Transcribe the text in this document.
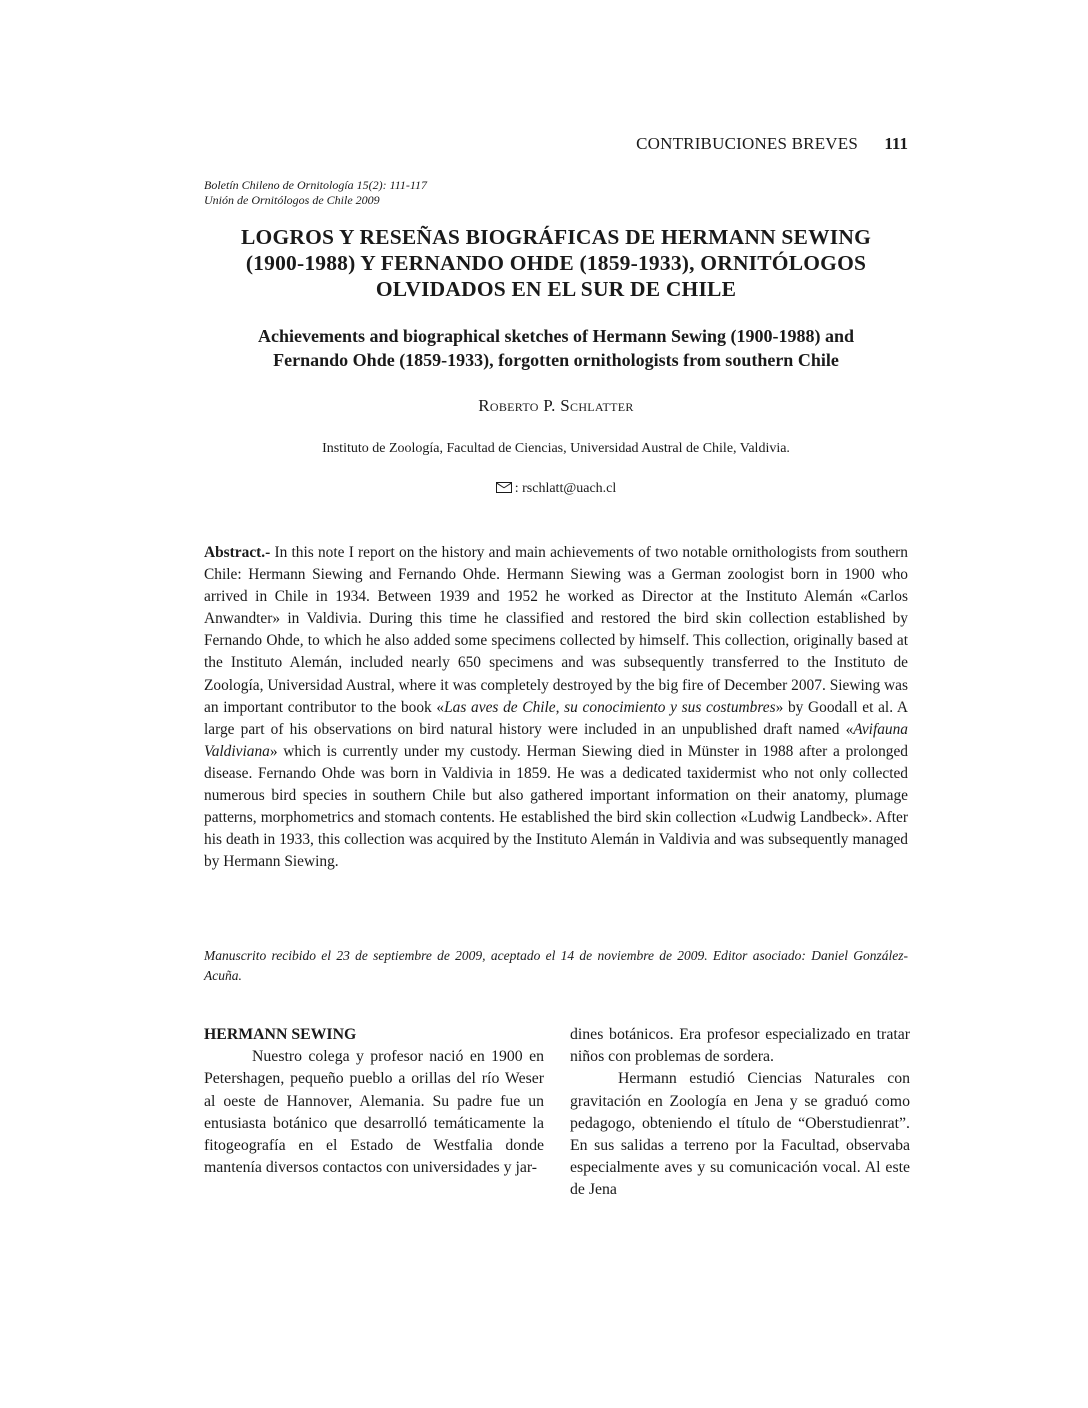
CONTRIBUCIONES BREVES 111
Boletín Chileno de Ornitología 15(2): 111-117
Unión de Ornitólogos de Chile 2009
LOGROS Y RESEÑAS BIOGRÁFICAS DE HERMANN SEWING
(1900-1988) Y FERNANDO OHDE (1859-1933), ORNITÓLOGOS
OLVIDADOS EN EL SUR DE CHILE
Achievements and biographical sketches of Hermann Sewing (1900-1988) and
Fernando Ohde (1859-1933), forgotten ornithologists from southern Chile
Roberto P. Schlatter
Instituto de Zoología, Facultad de Ciencias, Universidad Austral de Chile, Valdivia.
: rschlatt@uach.cl
Abstract.- In this note I report on the history and main achievements of two notable ornithologists from southern Chile: Hermann Siewing and Fernando Ohde. Hermann Siewing was a German zoologist born in 1900 who arrived in Chile in 1934. Between 1939 and 1952 he worked as Director at the Instituto Alemán «Carlos Anwandter» in Valdivia. During this time he classified and restored the bird skin collection established by Fernando Ohde, to which he also added some specimens collected by himself. This collection, originally based at the Instituto Alemán, included nearly 650 specimens and was subsequently transferred to the Instituto de Zoología, Universidad Austral, where it was completely destroyed by the big fire of December 2007. Siewing was an important contributor to the book «Las aves de Chile, su conocimiento y sus costumbres» by Goodall et al. A large part of his observations on bird natural history were included in an unpublished draft named «Avifauna Valdiviana» which is currently under my custody. Herman Siewing died in Münster in 1988 after a prolonged disease. Fernando Ohde was born in Valdivia in 1859. He was a dedicated taxidermist who not only collected numerous bird species in southern Chile but also gathered important information on their anatomy, plumage patterns, morphometrics and stomach contents. He established the bird skin collection «Ludwig Landbeck». After his death in 1933, this collection was acquired by the Instituto Alemán in Valdivia and was subsequently managed by Hermann Siewing.
Manuscrito recibido el 23 de septiembre de 2009, aceptado el 14 de noviembre de 2009. Editor asociado: Daniel González-Acuña.
HERMANN SEWING

Nuestro colega y profesor nació en 1900 en Petershagen, pequeño pueblo a orillas del río Weser al oeste de Hannover, Alemania. Su padre fue un entusiasta botánico que desarrolló temáticamente la fitogeografía en el Estado de Westfalia donde mantenía diversos contactos con universidades y jar-

dines botánicos. Era profesor especializado en tratar niños con problemas de sordera.

Hermann estudió Ciencias Naturales con gravitación en Zoología en Jena y se graduó como pedagogo, obteniendo el título de “Oberstudienrat”. En sus salidas a terreno por la Facultad, observaba especialmente aves y su comunicación vocal. Al este de Jena
